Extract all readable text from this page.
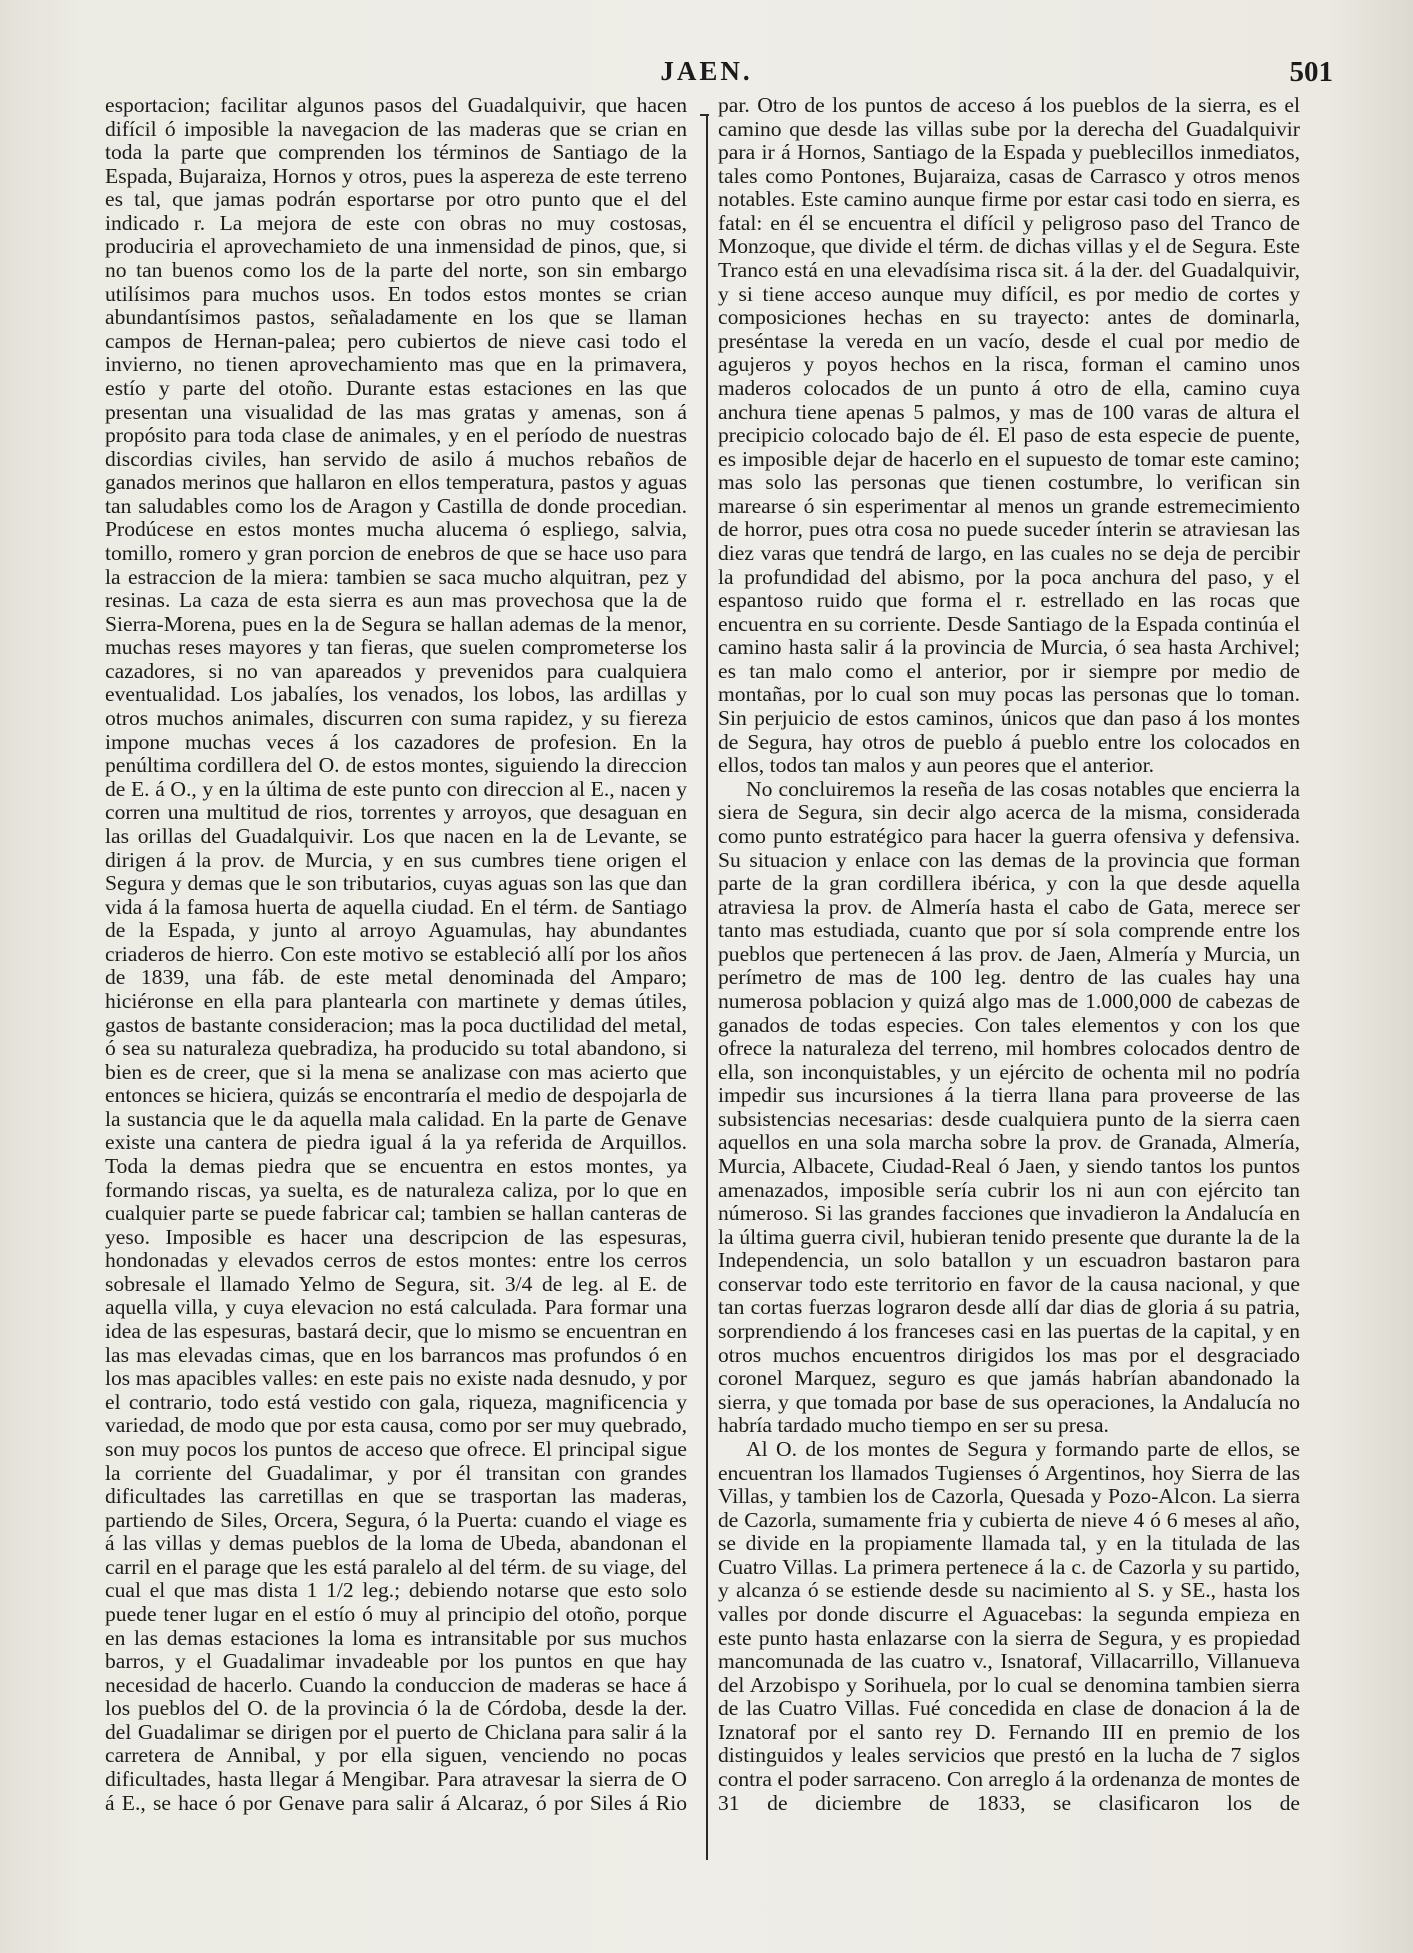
JAEN.	501

esportacion; facilitar algunos pasos del Guadalquivir, que hacen difícil ó imposible la navegacion de las maderas que se crian en toda la parte que comprenden los términos de Santiago de la Espada, Bujaraiza, Hornos y otros, pues la aspereza de este terreno es tal, que jamas podrán esportarse por otro punto que el del indicado r. La mejora de este con obras no muy costosas, produciria el aprovechamieto de una inmensidad de pinos, que, si no tan buenos como los de la parte del norte, son sin embargo utilísimos para muchos usos. En todos estos montes se crian abundantísimos pastos, señaladamente en los que se llaman campos de Hernan-palea; pero cubiertos de nieve casi todo el invierno, no tienen aprovechamiento mas que en la primavera, estío y parte del otoño. Durante estas estaciones en las que presentan una visualidad de las mas gratas y amenas, son á propósito para toda clase de animales, y en el período de nuestras discordias civiles, han servido de asilo á muchos rebaños de ganados merinos que hallaron en ellos temperatura, pastos y aguas tan saludables como los de Aragon y Castilla de donde procedian. Prodúcese en estos montes mucha alucema ó espliego, salvia, tomillo, romero y gran porcion de enebros de que se hace uso para la estraccion de la miera: tambien se saca mucho alquitran, pez y resinas. La caza de esta sierra es aun mas provechosa que la de Sierra-Morena, pues en la de Segura se hallan ademas de la menor, muchas reses mayores y tan fieras, que suelen comprometerse los cazadores, si no van apareados y prevenidos para cualquiera eventualidad. Los jabalíes, los venados, los lobos, las ardillas y otros muchos animales, discurren con suma rapidez, y su fiereza impone muchas veces á los cazadores de profesion. En la penúltima cordillera del O. de estos montes, siguiendo la direccion de E. á O., y en la última de este punto con direccion al E., nacen y corren una multitud de rios, torrentes y arroyos, que desaguan en las orillas del Guadalquivir. Los que nacen en la de Levante, se dirigen á la prov. de Murcia, y en sus cumbres tiene origen el Segura y demas que le son tributarios, cuyas aguas son las que dan vida á la famosa huerta de aquella ciudad. En el térm. de Santiago de la Espada, y junto al arroyo Aguamulas, hay abundantes criaderos de hierro. Con este motivo se estableció allí por los años de 1839, una fáb. de este metal denominada del Amparo; hiciéronse en ella para plantearla con martinete y demas útiles, gastos de bastante consideracion; mas la poca ductilidad del metal, ó sea su naturaleza quebradiza, ha producido su total abandono, si bien es de creer, que si la mena se analizase con mas acierto que entonces se hiciera, quizás se encontraría el medio de despojarla de la sustancia que le da aquella mala calidad. En la parte de Genave existe una cantera de piedra igual á la ya referida de Arquillos. Toda la demas piedra que se encuentra en estos montes, ya formando riscas, ya suelta, es de naturaleza caliza, por lo que en cualquier parte se puede fabricar cal; tambien se hallan canteras de yeso. Imposible es hacer una descripcion de las espesuras, hondonadas y elevados cerros de estos montes: entre los cerros sobresale el llamado Yelmo de Segura, sit. 3/4 de leg. al E. de aquella villa, y cuya elevacion no está calculada. Para formar una idea de las espesuras, bastará decir, que lo mismo se encuentran en las mas elevadas cimas, que en los barrancos mas profundos ó en los mas apacibles valles: en este pais no existe nada desnudo, y por el contrario, todo está vestido con gala, riqueza, magnificencia y variedad, de modo que por esta causa, como por ser muy quebrado, son muy pocos los puntos de acceso que ofrece. El principal sigue la corriente del Guadalimar, y por él transitan con grandes dificultades las carretillas en que se trasportan las maderas, partiendo de Siles, Orcera, Segura, ó la Puerta: cuando el viage es á las villas y demas pueblos de la loma de Ubeda, abandonan el carril en el parage que les está paralelo al del térm. de su viage, del cual el que mas dista 1 1/2 leg.; debiendo notarse que esto solo puede tener lugar en el estío ó muy al principio del otoño, porque en las demas estaciones la loma es intransitable por sus muchos barros, y el Guadalimar invadeable por los puntos en que hay necesidad de hacerlo. Cuando la conduccion de maderas se hace á los pueblos del O. de la provincia ó la de Córdoba, desde la der. del Guadalimar se dirigen por el puerto de Chiclana para salir á la carretera de Annibal, y por ella siguen, venciendo no pocas dificultades, hasta llegar á Mengibar. Para atravesar la sierra de O á E., se hace ó por Genave para salir á Alcaraz, ó por Siles á Rio

par. Otro de los puntos de acceso á los pueblos de la sierra, es el camino que desde las villas sube por la derecha del Guadalquivir para ir á Hornos, Santiago de la Espada y pueblecillos inmediatos, tales como Pontones, Bujaraiza, casas de Carrasco y otros menos notables. Este camino aunque firme por estar casi todo en sierra, es fatal: en él se encuentra el difícil y peligroso paso del Tranco de Monzoque, que divide el térm. de dichas villas y el de Segura. Este Tranco está en una elevadísima risca sit. á la der. del Guadalquivir, y si tiene acceso aunque muy difícil, es por medio de cortes y composiciones hechas en su trayecto: antes de dominarla, preséntase la vereda en un vacío, desde el cual por medio de agujeros y poyos hechos en la risca, forman el camino unos maderos colocados de un punto á otro de ella, camino cuya anchura tiene apenas 5 palmos, y mas de 100 varas de altura el precipicio colocado bajo de él. El paso de esta especie de puente, es imposible dejar de hacerlo en el supuesto de tomar este camino; mas solo las personas que tienen costumbre, lo verifican sin marearse ó sin esperimentar al menos un grande estremecimiento de horror, pues otra cosa no puede suceder ínterin se atraviesan las diez varas que tendrá de largo, en las cuales no se deja de percibir la profundidad del abismo, por la poca anchura del paso, y el espantoso ruido que forma el r. estrellado en las rocas que encuentra en su corriente. Desde Santiago de la Espada continúa el camino hasta salir á la provincia de Murcia, ó sea hasta Archivel; es tan malo como el anterior, por ir siempre por medio de montañas, por lo cual son muy pocas las personas que lo toman. Sin perjuicio de estos caminos, únicos que dan paso á los montes de Segura, hay otros de pueblo á pueblo entre los colocados en ellos, todos tan malos y aun peores que el anterior.

No concluiremos la reseña de las cosas notables que encierra la siera de Segura, sin decir algo acerca de la misma, considerada como punto estratégico para hacer la guerra ofensiva y defensiva. Su situacion y enlace con las demas de la provincia que forman parte de la gran cordillera ibérica, y con la que desde aquella atraviesa la prov. de Almería hasta el cabo de Gata, merece ser tanto mas estudiada, cuanto que por sí sola comprende entre los pueblos que pertenecen á las prov. de Jaen, Almería y Murcia, un perímetro de mas de 100 leg. dentro de las cuales hay una numerosa poblacion y quizá algo mas de 1.000,000 de cabezas de ganados de todas especies. Con tales elementos y con los que ofrece la naturaleza del terreno, mil hombres colocados dentro de ella, son inconquistables, y un ejército de ochenta mil no podría impedir sus incursiones á la tierra llana para proveerse de las subsistencias necesarias: desde cualquiera punto de la sierra caen aquellos en una sola marcha sobre la prov. de Granada, Almería, Murcia, Albacete, Ciudad-Real ó Jaen, y siendo tantos los puntos amenazados, imposible sería cubrir los ni aun con ejército tan númeroso. Si las grandes facciones que invadieron la Andalucía en la última guerra civil, hubieran tenido presente que durante la de la Independencia, un solo batallon y un escuadron bastaron para conservar todo este territorio en favor de la causa nacional, y que tan cortas fuerzas lograron desde allí dar dias de gloria á su patria, sorprendiendo á los franceses casi en las puertas de la capital, y en otros muchos encuentros dirigidos los mas por el desgraciado coronel Marquez, seguro es que jamás habrían abandonado la sierra, y que tomada por base de sus operaciones, la Andalucía no habría tardado mucho tiempo en ser su presa.

Al O. de los montes de Segura y formando parte de ellos, se encuentran los llamados Tugienses ó Argentinos, hoy Sierra de las Villas, y tambien los de Cazorla, Quesada y Pozo-Alcon. La sierra de Cazorla, sumamente fria y cubierta de nieve 4 ó 6 meses al año, se divide en la propiamente llamada tal, y en la titulada de las Cuatro Villas. La primera pertenece á la c. de Cazorla y su partido, y alcanza ó se estiende desde su nacimiento al S. y SE., hasta los valles por donde discurre el Aguacebas: la segunda empieza en este punto hasta enlazarse con la sierra de Segura, y es propiedad mancomunada de las cuatro v., Isnatoraf, Villacarrillo, Villanueva del Arzobispo y Sorihuela, por lo cual se denomina tambien sierra de las Cuatro Villas. Fué concedida en clase de donacion á la de Iznatoraf por el santo rey D. Fernando III en premio de los distinguidos y leales servicios que prestó en la lucha de 7 siglos contra el poder sarraceno. Con arreglo á la ordenanza de montes de 31 de diciembre de 1833, se clasificaron los de
